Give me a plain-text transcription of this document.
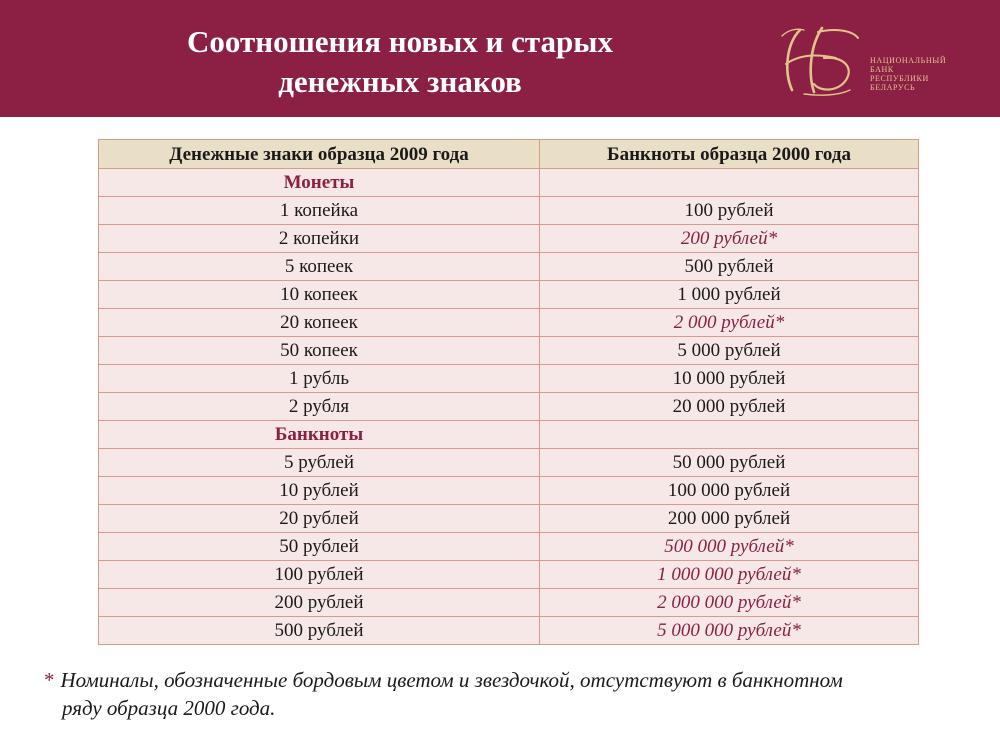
Соотношения новых и старых
денежных знаков
НАЦИОНАЛЬНЫЙ
БАНК
РЕСПУБЛИКИ
БЕЛАРУСЬ
Денежные знаки образца 2009 года	Банкноты образца 2000 года
Монеты	
1 копейка	100 рублей
2 копейки	200 рублей*
5 копеек	500 рублей
10 копеек	1 000 рублей
20 копеек	2 000 рублей*
50 копеек	5 000 рублей
1 рубль	10 000 рублей
2 рубля	20 000 рублей
Банкноты	
5 рублей	50 000 рублей
10 рублей	100 000 рублей
20 рублей	200 000 рублей
50 рублей	500 000 рублей*
100 рублей	1 000 000 рублей*
200 рублей	2 000 000 рублей*
500 рублей	5 000 000 рублей*
* Номиналы, обозначенные бордовым цветом и звездочкой, отсутствуют в банкнотном
ряду образца 2000 года.
